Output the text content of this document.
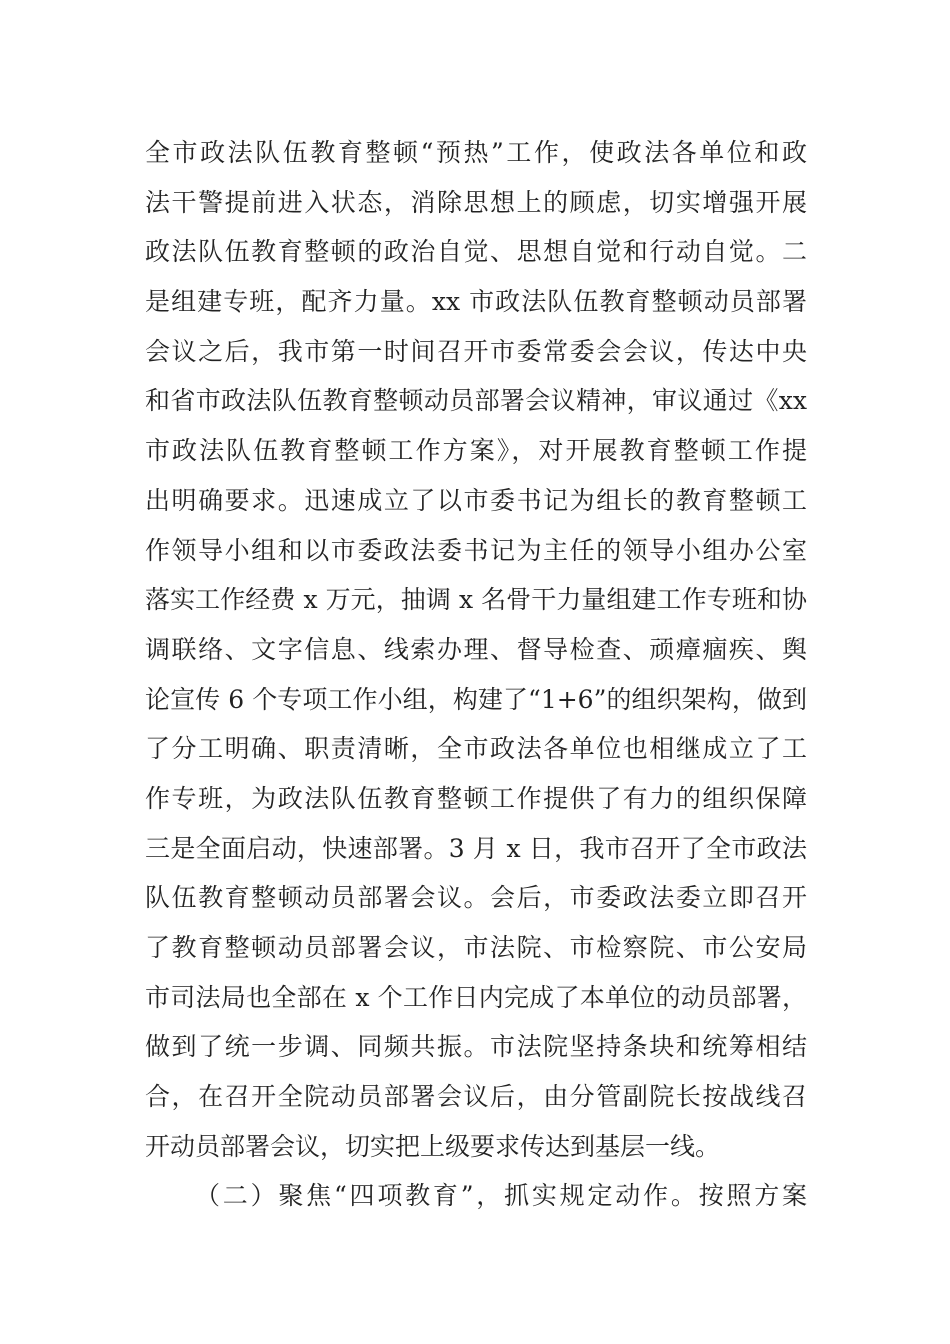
全市政法队伍教育整顿“预热”工作，使政法各单位和政
法干警提前进入状态，消除思想上的顾虑，切实增强开展
政法队伍教育整顿的政治自觉、思想自觉和行动自觉。二
是组建专班，配齐力量。xx 市政法队伍教育整顿动员部署
会议之后，我市第一时间召开市委常委会会议，传达中央
和省市政法队伍教育整顿动员部署会议精神，审议通过《xx
市政法队伍教育整顿工作方案》，对开展教育整顿工作提
出明确要求。迅速成立了以市委书记为组长的教育整顿工
作领导小组和以市委政法委书记为主任的领导小组办公室
落实工作经费 x 万元，抽调 x 名骨干力量组建工作专班和协
调联络、文字信息、线索办理、督导检查、顽瘴痼疾、舆
论宣传 6 个专项工作小组，构建了“1+6”的组织架构，做到
了分工明确、职责清晰，全市政法各单位也相继成立了工
作专班，为政法队伍教育整顿工作提供了有力的组织保障
三是全面启动，快速部署。3 月 x 日，我市召开了全市政法
队伍教育整顿动员部署会议。会后，市委政法委立即召开
了教育整顿动员部署会议，市法院、市检察院、市公安局
市司法局也全部在 x 个工作日内完成了本单位的动员部署，
做到了统一步调、同频共振。市法院坚持条块和统筹相结
合，在召开全院动员部署会议后，由分管副院长按战线召
开动员部署会议，切实把上级要求传达到基层一线。
（二）聚焦“四项教育”，抓实规定动作。按照方案
